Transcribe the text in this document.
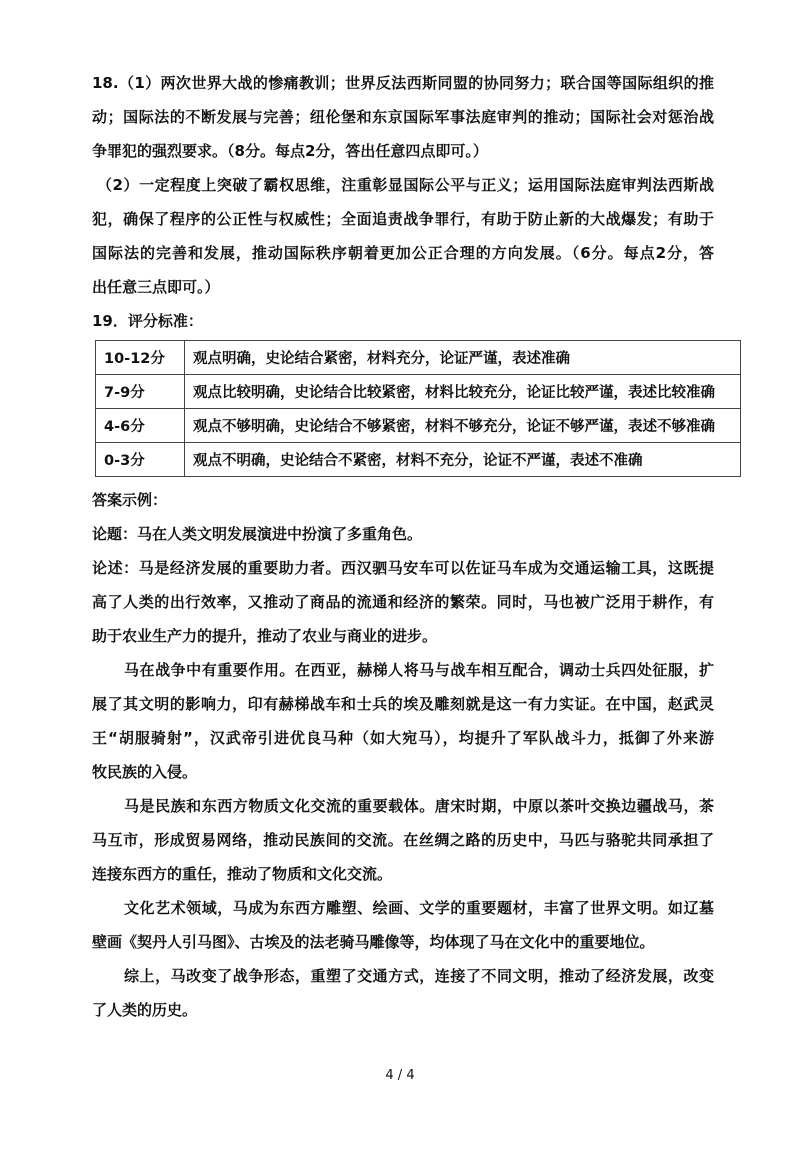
18.（1）两次世界大战的惨痛教训；世界反法西斯同盟的协同努力；联合国等国际组织的推
动；国际法的不断发展与完善；纽伦堡和东京国际军事法庭审判的推动；国际社会对惩治战
争罪犯的强烈要求。（8分。每点2分，答出任意四点即可。）
（2）一定程度上突破了霸权思维，注重彰显国际公平与正义；运用国际法庭审判法西斯战
犯，确保了程序的公正性与权威性；全面追责战争罪行，有助于防止新的大战爆发；有助于
国际法的完善和发展，推动国际秩序朝着更加公正合理的方向发展。（6分。每点2分，答
出任意三点即可。）
19．评分标准：
10-12分	观点明确，史论结合紧密，材料充分，论证严谨，表述准确
7-9分	观点比较明确，史论结合比较紧密，材料比较充分，论证比较严谨，表述比较准确
4-6分	观点不够明确，史论结合不够紧密，材料不够充分，论证不够严谨，表述不够准确
0-3分	观点不明确，史论结合不紧密，材料不充分，论证不严谨，表述不准确
答案示例：
论题：马在人类文明发展演进中扮演了多重角色。
论述：马是经济发展的重要助力者。西汉驷马安车可以佐证马车成为交通运输工具，这既提
高了人类的出行效率，又推动了商品的流通和经济的繁荣。同时，马也被广泛用于耕作，有
助于农业生产力的提升，推动了农业与商业的进步。
马在战争中有重要作用。在西亚，赫梯人将马与战车相互配合，调动士兵四处征服，扩
展了其文明的影响力，印有赫梯战车和士兵的埃及雕刻就是这一有力实证。在中国，赵武灵
王“胡服骑射”，汉武帝引进优良马种（如大宛马），均提升了军队战斗力，抵御了外来游
牧民族的入侵。
马是民族和东西方物质文化交流的重要载体。唐宋时期，中原以茶叶交换边疆战马，茶
马互市，形成贸易网络，推动民族间的交流。在丝绸之路的历史中，马匹与骆驼共同承担了
连接东西方的重任，推动了物质和文化交流。
文化艺术领域，马成为东西方雕塑、绘画、文学的重要题材，丰富了世界文明。如辽墓
壁画《契丹人引马图》、古埃及的法老骑马雕像等，均体现了马在文化中的重要地位。
综上，马改变了战争形态，重塑了交通方式，连接了不同文明，推动了经济发展，改变
了人类的历史。
4 / 4
